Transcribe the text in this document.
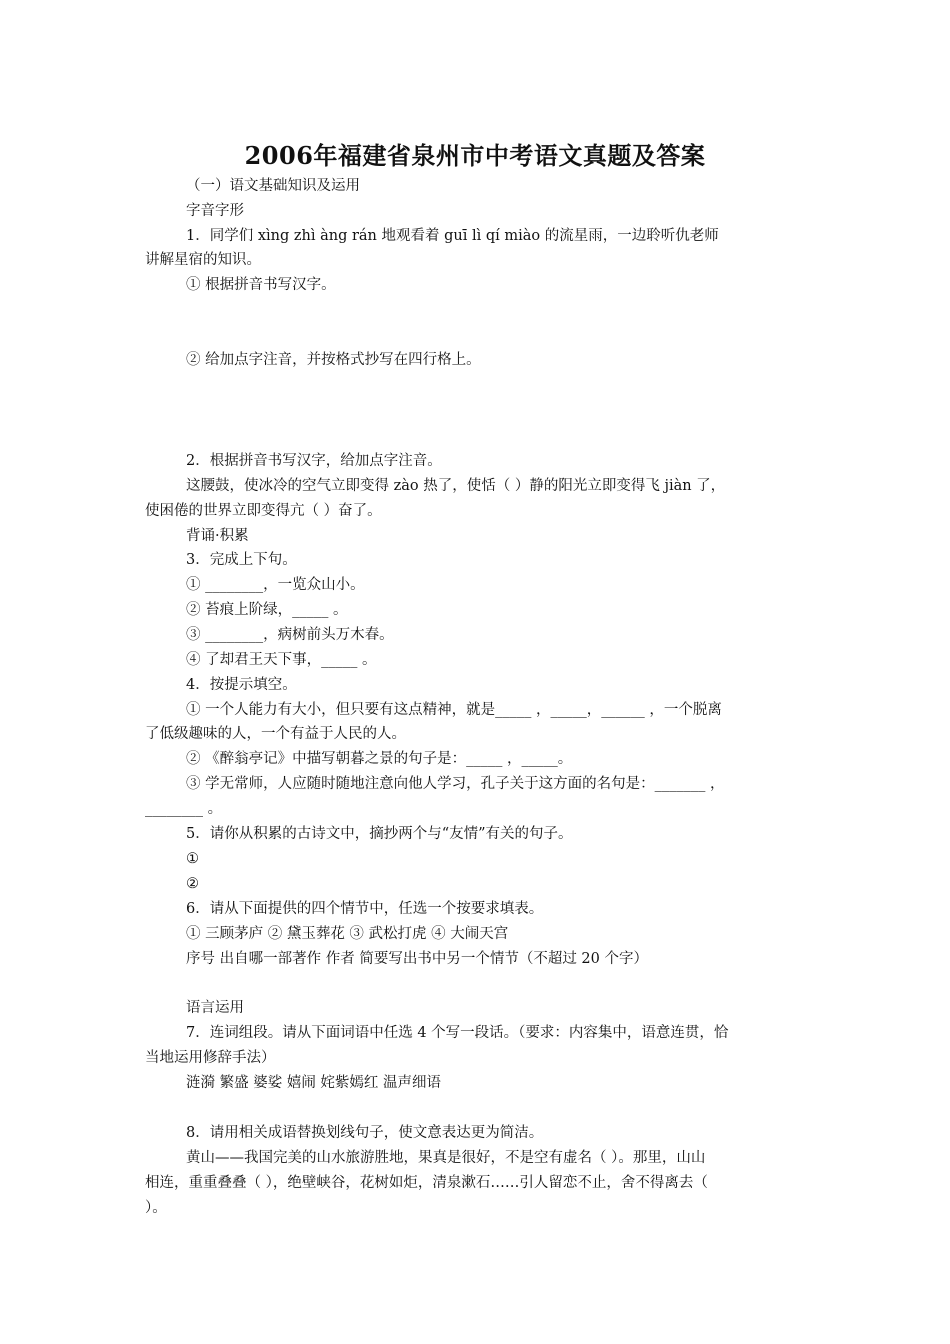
2006年福建省泉州市中考语文真题及答案
（一）语文基础知识及运用
字音字形
1．同学们 xìng zhì àng rán 地观看着 guī lì qí miào 的流星雨，一边聆听仇老师
讲解星宿的知识。
① 根据拼音书写汉字。
② 给加点字注音，并按格式抄写在四行格上。
2．根据拼音书写汉字，给加点字注音。
这腰鼓，使冰冷的空气立即变得 zào 热了，使恬（ ）静的阳光立即变得飞 jiàn 了，
使困倦的世界立即变得亢（ ）奋了。
背诵·积累
3．完成上下句。
① ________，一览众山小。
② 苔痕上阶绿，_____ 。
③ ________，病树前头万木春。
④ 了却君王天下事，_____ 。
4．按提示填空。
① 一个人能力有大小，但只要有这点精神，就是_____ ，_____，______ ，一个脱离
了低级趣味的人，一个有益于人民的人。
② 《醉翁亭记》中描写朝暮之景的句子是：_____ ，_____。
③ 学无常师，人应随时随地注意向他人学习，孔子关于这方面的名句是：_______ ，
________ 。
5．请你从积累的古诗文中，摘抄两个与“友情”有关的句子。
①
②
6．请从下面提供的四个情节中，任选一个按要求填表。
① 三顾茅庐 ② 黛玉葬花 ③ 武松打虎 ④ 大闹天宫
序号 出自哪一部著作 作者 简要写出书中另一个情节（不超过 20 个字）
语言运用
7．连词组段。请从下面词语中任选 4 个写一段话。（要求：内容集中，语意连贯，恰
当地运用修辞手法）
涟漪 繁盛 婆娑 嬉闹 姹紫嫣红 温声细语
8．请用相关成语替换划线句子，使文意表达更为简洁。
黄山——我国完美的山水旅游胜地，果真是很好，不是空有虚名（ ）。那里，山山
相连，重重叠叠（ ），绝壁峡谷，花树如炬，清泉漱石……引人留恋不止，舍不得离去（
）。
